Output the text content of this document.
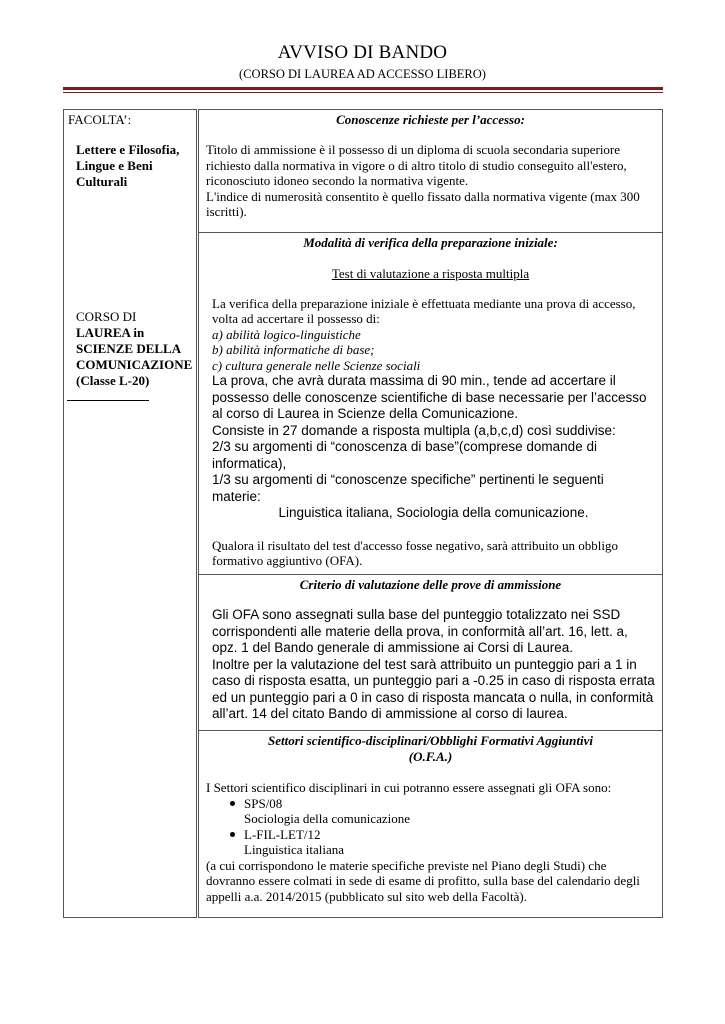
AVVISO DI BANDO
(CORSO DI LAUREA AD ACCESSO LIBERO)
FACOLTA’:
Lettere e Filosofia, Lingue e Beni Culturali
CORSO DI
LAUREA in SCIENZE DELLA COMUNICAZIONE (Classe L-20)
Conoscenze richieste per l’accesso:
Titolo di ammissione è il possesso di un diploma di scuola secondaria superiore richiesto dalla normativa in vigore o di altro titolo di studio conseguito all'estero, riconosciuto idoneo secondo la normativa vigente.
L'indice di numerosità consentito è quello fissato dalla normativa vigente (max 300 iscritti).
Modalità di verifica della preparazione iniziale:
Test di valutazione a risposta multipla
La verifica della preparazione iniziale è effettuata mediante una prova di accesso, volta ad accertare il possesso di:
a) abilità logico-linguistiche
b) abilità informatiche di base;
c) cultura generale nelle Scienze sociali
La prova, che avrà durata massima di 90 min., tende ad accertare il possesso delle conoscenze scientifiche di base necessarie per l’accesso al corso di Laurea in Scienze della Comunicazione.
Consiste in 27 domande a risposta multipla (a,b,c,d) così suddivise:
2/3 su argomenti di “conoscenza di base”(comprese domande di informatica),
1/3 su argomenti di “conoscenze specifiche” pertinenti le seguenti materie:
Linguistica italiana, Sociologia della comunicazione.
Qualora il risultato del test d'accesso fosse negativo, sarà attribuito un obbligo formativo aggiuntivo (OFA).
Criterio di valutazione delle prove di ammissione
Gli OFA sono assegnati sulla base del punteggio totalizzato nei SSD corrispondenti alle materie della prova, in conformità all’art. 16, lett. a, opz. 1 del Bando generale di ammissione ai Corsi di Laurea.
Inoltre per la valutazione del test sarà attribuito un punteggio pari a 1 in caso di risposta esatta, un punteggio pari a -0.25 in caso di risposta errata ed un punteggio pari a 0 in caso di risposta mancata o nulla, in conformità all’art. 14 del citato Bando di ammissione al corso di laurea.
Settori scientifico-disciplinari/Obblighi Formativi Aggiuntivi
(O.F.A.)
I Settori scientifico disciplinari in cui potranno essere assegnati gli OFA sono:
SPS/08
Sociologia della comunicazione
L-FIL-LET/12
Linguistica italiana
(a cui corrispondono le materie specifiche previste nel Piano degli Studi) che dovranno essere colmati in sede di esame di profitto, sulla base del calendario degli appelli a.a. 2014/2015 (pubblicato sul sito web della Facoltà).
